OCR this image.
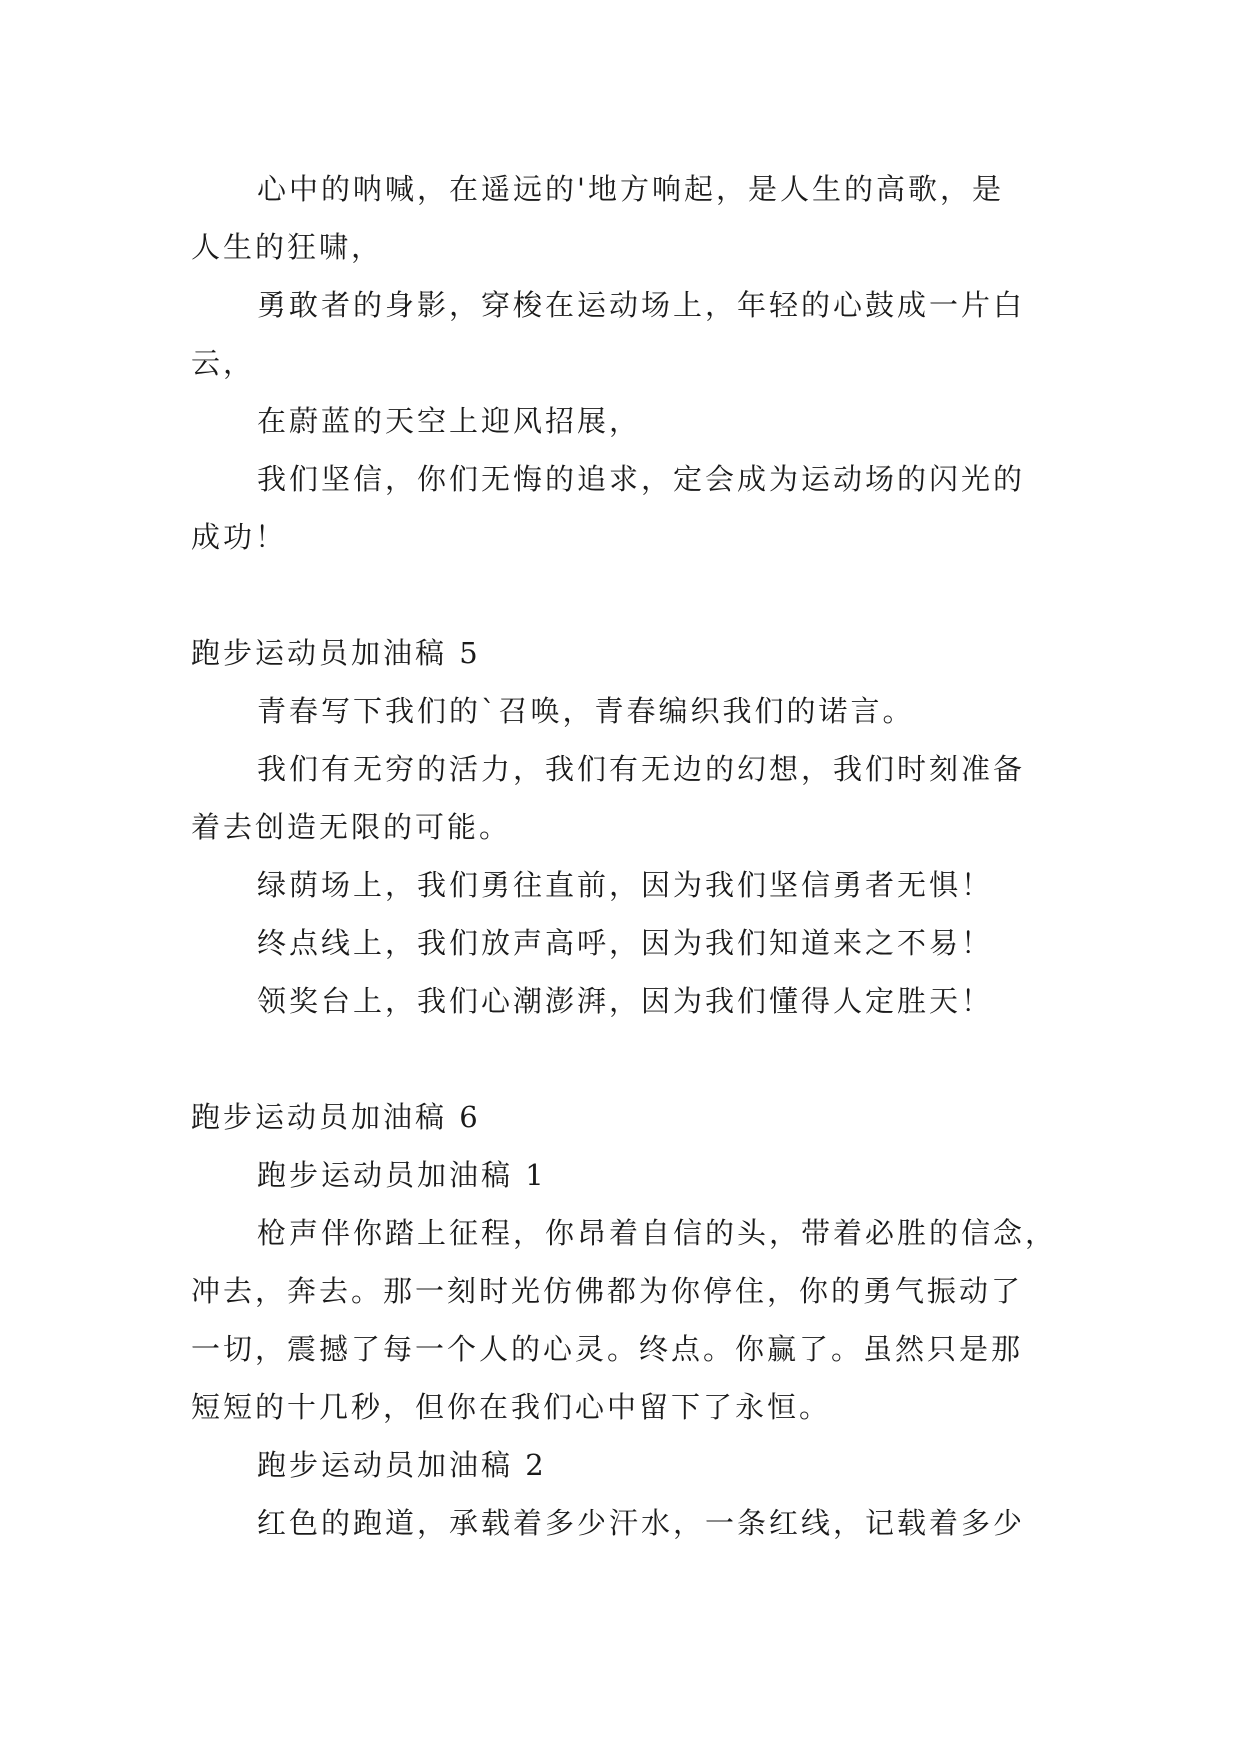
心中的呐喊，在遥远的'地方响起，是人生的高歌，是
人生的狂啸，
勇敢者的身影，穿梭在运动场上，年轻的心鼓成一片白
云，
在蔚蓝的天空上迎风招展，
我们坚信，你们无悔的追求，定会成为运动场的闪光的
成功！
跑步运动员加油稿 5
青春写下我们的`召唤，青春编织我们的诺言。
我们有无穷的活力，我们有无边的幻想，我们时刻准备
着去创造无限的可能。
绿荫场上，我们勇往直前，因为我们坚信勇者无惧！
终点线上，我们放声高呼，因为我们知道来之不易！
领奖台上，我们心潮澎湃，因为我们懂得人定胜天！
跑步运动员加油稿 6
跑步运动员加油稿 1
枪声伴你踏上征程，你昂着自信的头，带着必胜的信念，
冲去，奔去。那一刻时光仿佛都为你停住，你的勇气振动了
一切，震撼了每一个人的心灵。终点。你赢了。虽然只是那
短短的十几秒，但你在我们心中留下了永恒。
跑步运动员加油稿 2
红色的跑道，承载着多少汗水，一条红线，记载着多少
